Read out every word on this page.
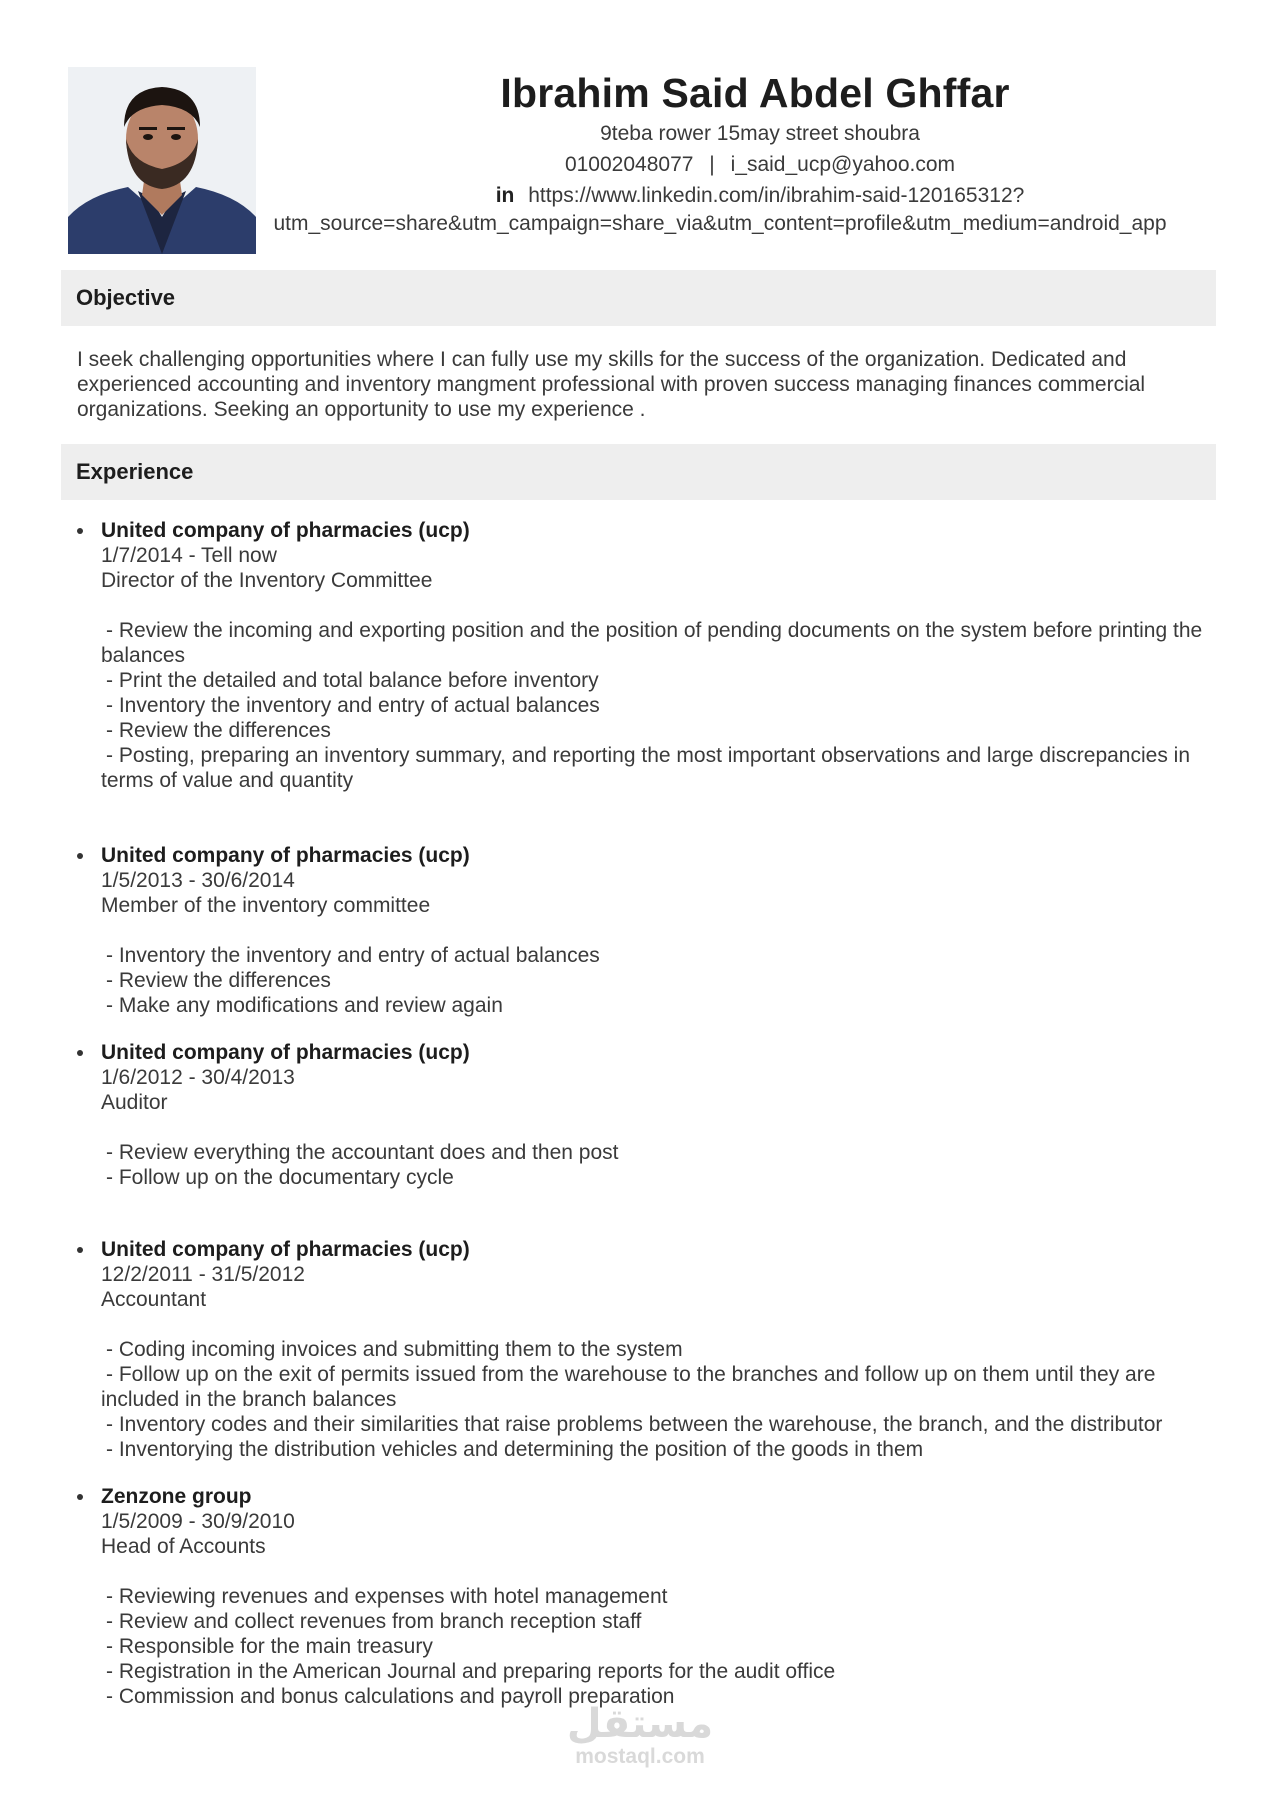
Ibrahim Said Abdel Ghffar
9teba rower 15may street shoubra
01002048077 | i_said_ucp@yahoo.com
in https://www.linkedin.com/in/ibrahim-said-120165312?
utm_source=share&utm_campaign=share_via&utm_content=profile&utm_medium=android_app
Objective
I seek challenging opportunities where I can fully use my skills for the success of the organization. Dedicated and experienced accounting and inventory mangment professional with proven success managing finances commercial organizations. Seeking an opportunity to use my experience .
Experience
United company of pharmacies (ucp)
1/7/2014 - Tell now
Director of the Inventory Committee
- Review the incoming and exporting position and the position of pending documents on the system before printing the balances
- Print the detailed and total balance before inventory
- Inventory the inventory and entry of actual balances
- Review the differences
- Posting, preparing an inventory summary, and reporting the most important observations and large discrepancies in terms of value and quantity
United company of pharmacies (ucp)
1/5/2013 - 30/6/2014
Member of the inventory committee
- Inventory the inventory and entry of actual balances
- Review the differences
- Make any modifications and review again
United company of pharmacies (ucp)
1/6/2012 - 30/4/2013
Auditor
- Review everything the accountant does and then post
- Follow up on the documentary cycle
United company of pharmacies (ucp)
12/2/2011 - 31/5/2012
Accountant
- Coding incoming invoices and submitting them to the system
- Follow up on the exit of permits issued from the warehouse to the branches and follow up on them until they are included in the branch balances
- Inventory codes and their similarities that raise problems between the warehouse, the branch, and the distributor
- Inventorying the distribution vehicles and determining the position of the goods in them
Zenzone group
1/5/2009 - 30/9/2010
Head of Accounts
- Reviewing revenues and expenses with hotel management
- Review and collect revenues from branch reception staff
- Responsible for the main treasury
- Registration in the American Journal and preparing reports for the audit office
- Commission and bonus calculations and payroll preparation
مستقل
mostaql.com
